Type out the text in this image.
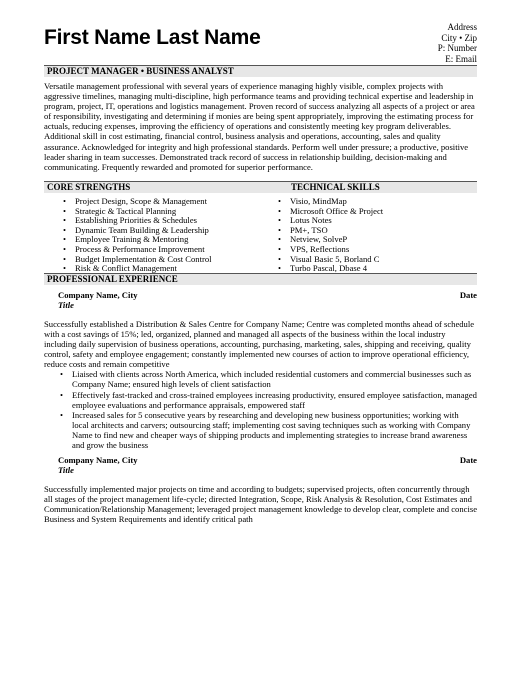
First Name Last Name	Address
City • Zip
P: Number
E: Email
PROJECT MANAGER • BUSINESS ANALYST

Versatile management professional with several years of experience managing highly visible, complex projects with aggressive timelines, managing multi-discipline, high performance teams and providing technical expertise and leadership in program, project, IT, operations and logistics management. Proven record of success analyzing all aspects of a project or area of responsibility, investigating and determining if monies are being spent appropriately, improving the estimating process for actuals, reducing expenses, improving the efficiency of operations and consistently meeting key program deliverables. Additional skill in cost estimating, financial control, business analysis and operations, accounting, sales and quality assurance. Acknowledged for integrity and high professional standards. Perform well under pressure; a productive, positive leader sharing in team successes. Demonstrated track record of success in relationship building, decision-making and communicating. Frequently rewarded and promoted for superior performance.

CORE STRENGTHS	TECHNICAL SKILLS
• Project Design, Scope & Management
• Strategic & Tactical Planning
• Establishing Priorities & Schedules
• Dynamic Team Building & Leadership
• Employee Training & Mentoring
• Process & Performance Improvement
• Budget Implementation & Cost Control
• Risk & Conflict Management
• Visio, MindMap
• Microsoft Office & Project
• Lotus Notes
• PM+, TSO
• Netview, SolveP
• VPS, Reflections
• Visual Basic 5, Borland C
• Turbo Pascal, Dbase 4
PROFESSIONAL EXPERIENCE
Company Name, City	Date
Title

Successfully established a Distribution & Sales Centre for Company Name; Centre was completed months ahead of schedule with a cost savings of 15%; led, organized, planned and managed all aspects of the business within the local industry including daily supervision of business operations, accounting, purchasing, marketing, sales, shipping and receiving, quality control, safety and employee engagement; constantly implemented new courses of action to improve operational efficiency, reduce costs and remain competitive

• Liaised with clients across North America, which included residential customers and commercial businesses such as Company Name; ensured high levels of client satisfaction
• Effectively fast-tracked and cross-trained employees increasing productivity, ensured employee satisfaction, managed employee evaluations and performance appraisals, empowered staff
• Increased sales for 5 consecutive years by researching and developing new business opportunities; working with local architects and carvers; outsourcing staff; implementing cost saving techniques such as working with Company Name to find new and cheaper ways of shipping products and implementing strategies to increase brand awareness and grow the business
Company Name, City	Date
Title

Successfully implemented major projects on time and according to budgets; supervised projects, often concurrently through all stages of the project management life-cycle; directed Integration, Scope, Risk Analysis & Resolution, Cost Estimates and Communication/Relationship Management; leveraged project management knowledge to develop clear, complete and concise Business and System Requirements and identify critical path
